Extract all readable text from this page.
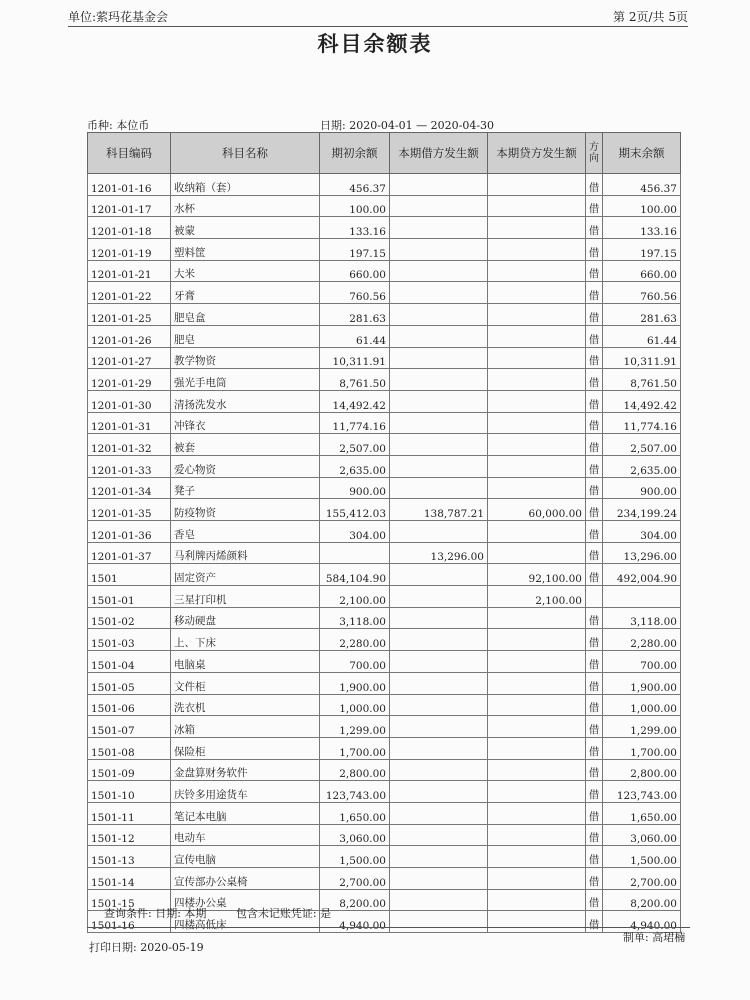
单位:萦玛花基金会	第 2页/共 5页
科目余额表
币种: 本位币	日期: 2020-04-01 — 2020-04-30
科目编码	科目名称	期初余额	本期借方发生额	本期贷方发生额	方向	期末余额
1201-01-16	收纳箱（套）	456.37			借	456.37
1201-01-17	水杯	100.00			借	100.00
1201-01-18	被蒙	133.16			借	133.16
1201-01-19	塑料筐	197.15			借	197.15
1201-01-21	大米	660.00			借	660.00
1201-01-22	牙膏	760.56			借	760.56
1201-01-25	肥皂盒	281.63			借	281.63
1201-01-26	肥皂	61.44			借	61.44
1201-01-27	教学物资	10,311.91			借	10,311.91
1201-01-29	强光手电筒	8,761.50			借	8,761.50
1201-01-30	清扬洗发水	14,492.42			借	14,492.42
1201-01-31	冲锋衣	11,774.16			借	11,774.16
1201-01-32	被套	2,507.00			借	2,507.00
1201-01-33	爱心物资	2,635.00			借	2,635.00
1201-01-34	凳子	900.00			借	900.00
1201-01-35	防疫物资	155,412.03	138,787.21	60,000.00	借	234,199.24
1201-01-36	香皂	304.00			借	304.00
1201-01-37	马利牌丙烯颜料		13,296.00		借	13,296.00
1501	固定资产	584,104.90		92,100.00	借	492,004.90
1501-01	三星打印机	2,100.00		2,100.00		
1501-02	移动硬盘	3,118.00			借	3,118.00
1501-03	上、下床	2,280.00			借	2,280.00
1501-04	电脑桌	700.00			借	700.00
1501-05	文件柜	1,900.00			借	1,900.00
1501-06	洗衣机	1,000.00			借	1,000.00
1501-07	冰箱	1,299.00			借	1,299.00
1501-08	保险柜	1,700.00			借	1,700.00
1501-09	金盘算财务软件	2,800.00			借	2,800.00
1501-10	庆铃多用途货车	123,743.00			借	123,743.00
1501-11	笔记本电脑	1,650.00			借	1,650.00
1501-12	电动车	3,060.00			借	3,060.00
1501-13	宣传电脑	1,500.00			借	1,500.00
1501-14	宣传部办公桌椅	2,700.00			借	2,700.00
1501-15	四楼办公桌	8,200.00			借	8,200.00
1501-16	四楼高低床	4,940.00			借	4,940.00
查询条件: 日期: 本期	包含未记账凭证: 是
制单: 高珺楠
打印日期: 2020-05-19
